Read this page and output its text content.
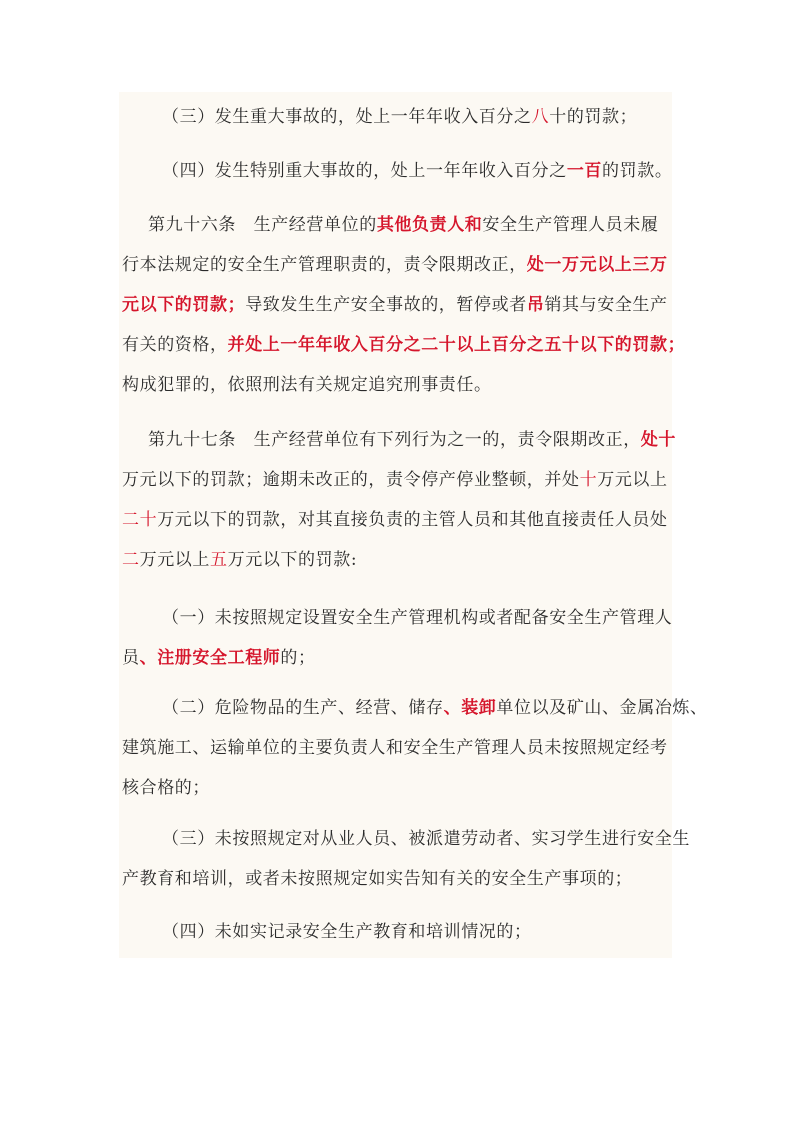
（三）发生重大事故的，处上一年年收入百分之八十的罚款；

（四）发生特别重大事故的，处上一年年收入百分之一百的罚款。

第九十六条　生产经营单位的其他负责人和安全生产管理人员未履
行本法规定的安全生产管理职责的，责令限期改正，处一万元以上三万
元以下的罚款；导致发生生产安全事故的，暂停或者吊销其与安全生产
有关的资格，并处上一年年收入百分之二十以上百分之五十以下的罚款；
构成犯罪的，依照刑法有关规定追究刑事责任。

第九十七条　生产经营单位有下列行为之一的，责令限期改正，处十
万元以下的罚款；逾期未改正的，责令停产停业整顿，并处十万元以上
二十万元以下的罚款，对其直接负责的主管人员和其他直接责任人员处
二万元以上五万元以下的罚款:

（一）未按照规定设置安全生产管理机构或者配备安全生产管理人
员、注册安全工程师的；

（二）危险物品的生产、经营、储存、装卸单位以及矿山、金属冶炼、
建筑施工、运输单位的主要负责人和安全生产管理人员未按照规定经考
核合格的；

（三）未按照规定对从业人员、被派遣劳动者、实习学生进行安全生
产教育和培训，或者未按照规定如实告知有关的安全生产事项的；

（四）未如实记录安全生产教育和培训情况的；
